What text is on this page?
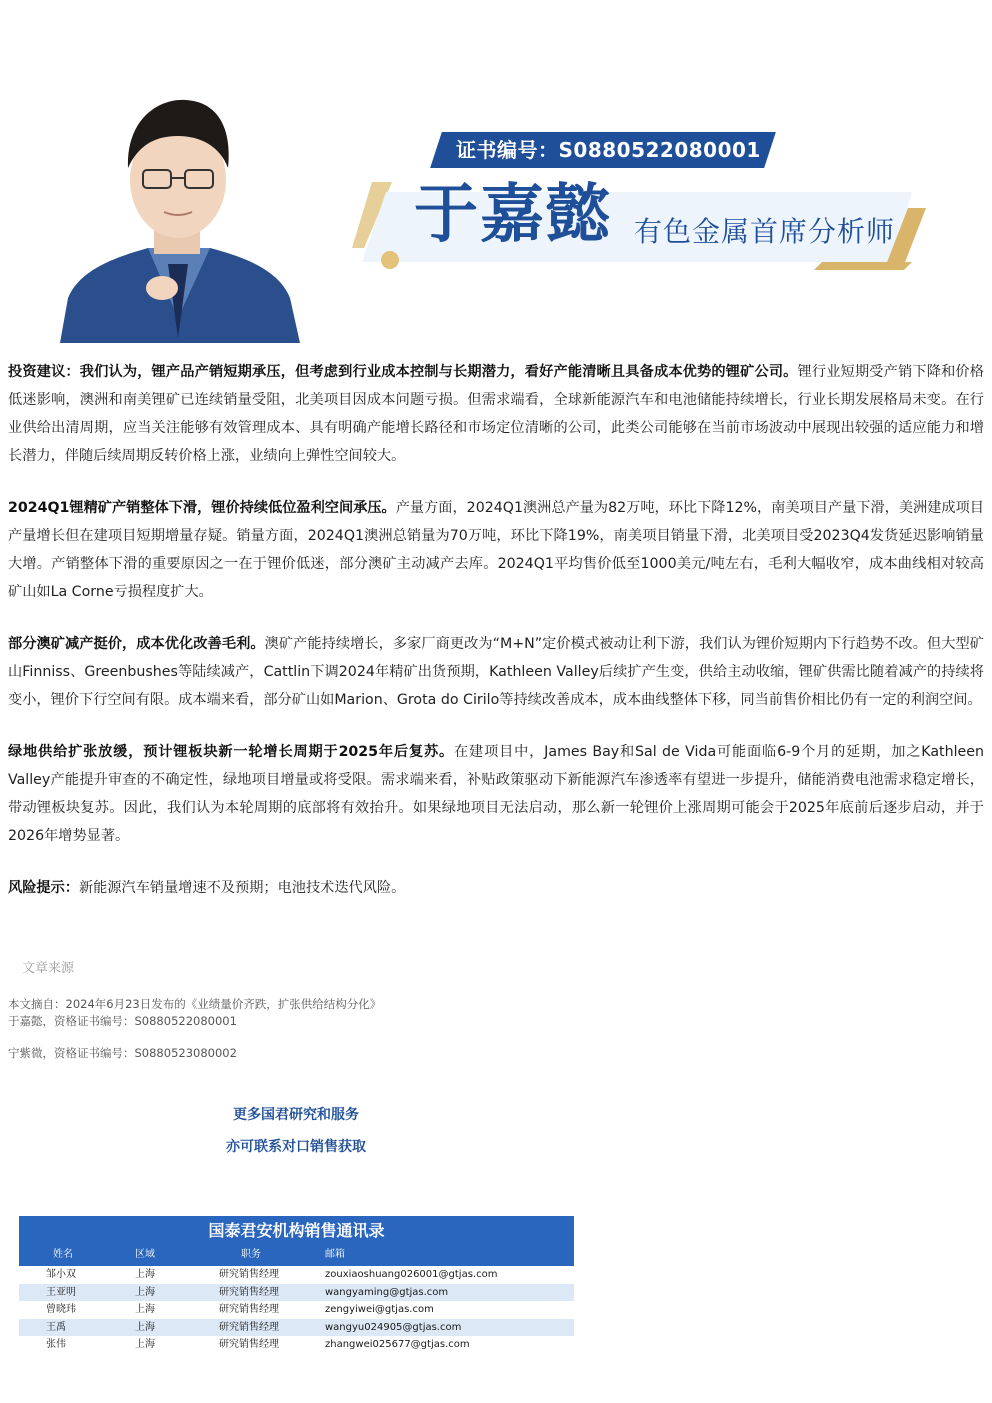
证书编号：S0880522080001
于嘉懿 有色金属首席分析师

投资建议：我们认为，锂产品产销短期承压，但考虑到行业成本控制与长期潜力，看好产能清晰且具备成本优势的锂矿公司。锂行业短期受产销下降和价格低迷影响，澳洲和南美锂矿已连续销量受阻，北美项目因成本问题亏损。但需求端看，全球新能源汽车和电池储能持续增长，行业长期发展格局未变。在行业供给出清周期，应当关注能够有效管理成本、具有明确产能增长路径和市场定位清晰的公司，此类公司能够在当前市场波动中展现出较强的适应能力和增长潜力，伴随后续周期反转价格上涨，业绩向上弹性空间较大。

2024Q1锂精矿产销整体下滑，锂价持续低位盈利空间承压。产量方面，2024Q1澳洲总产量为82万吨，环比下降12%，南美项目产量下滑，美洲建成项目产量增长但在建项目短期增量存疑。销量方面，2024Q1澳洲总销量为70万吨，环比下降19%，南美项目销量下滑，北美项目受2023Q4发货延迟影响销量大增。产销整体下滑的重要原因之一在于锂价低迷，部分澳矿主动减产去库。2024Q1平均售价低至1000美元/吨左右，毛利大幅收窄，成本曲线相对较高矿山如La Corne亏损程度扩大。

部分澳矿减产挺价，成本优化改善毛利。澳矿产能持续增长，多家厂商更改为“M+N”定价模式被动让利下游，我们认为锂价短期内下行趋势不改。但大型矿山Finniss、Greenbushes等陆续减产，Cattlin下调2024年精矿出货预期，Kathleen Valley后续扩产生变，供给主动收缩，锂矿供需比随着减产的持续将变小，锂价下行空间有限。成本端来看，部分矿山如Marion、Grota do Cirilo等持续改善成本，成本曲线整体下移，同当前售价相比仍有一定的利润空间。

绿地供给扩张放缓，预计锂板块新一轮增长周期于2025年后复苏。在建项目中，James Bay和Sal de Vida可能面临6-9个月的延期，加之Kathleen Valley产能提升审查的不确定性，绿地项目增量或将受限。需求端来看，补贴政策驱动下新能源汽车渗透率有望进一步提升，储能消费电池需求稳定增长，带动锂板块复苏。因此，我们认为本轮周期的底部将有效抬升。如果绿地项目无法启动，那么新一轮锂价上涨周期可能会于2025年底前后逐步启动，并于2026年增势显著。

风险提示：新能源汽车销量增速不及预期；电池技术迭代风险。

文章来源
本文摘自：2024年6月23日发布的《业绩量价齐跌，扩张供给结构分化》
于嘉懿，资格证书编号：S0880522080001
宁紫微，资格证书编号：S0880523080002
更多国君研究和服务
亦可联系对口销售获取
国泰君安机构销售通讯录
姓名	区域	职务	邮箱
邹小双	上海	研究销售经理	zouxiaoshuang026001@gtjas.com
王亚明	上海	研究销售经理	wangyaming@gtjas.com
曾晓玮	上海	研究销售经理	zengyiwei@gtjas.com
王禹	上海	研究销售经理	wangyu024905@gtjas.com
张伟	上海	研究销售经理	zhangwei025677@gtjas.com
